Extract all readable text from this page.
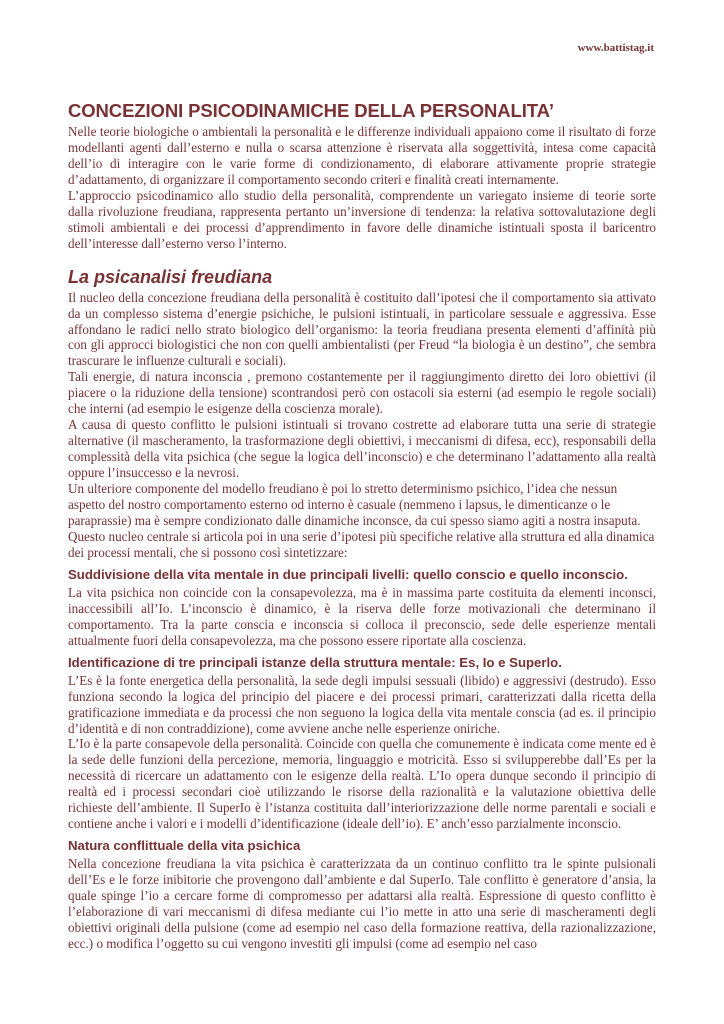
www.battistag.it
CONCEZIONI PSICODINAMICHE DELLA PERSONALITA’

Nelle teorie biologiche o ambientali la personalità e le differenze individuali appaiono come il risultato di forze modellanti agenti dall’esterno e nulla o scarsa attenzione è riservata alla soggettività, intesa come capacità dell’io di interagire con le varie forme di condizionamento, di elaborare attivamente proprie strategie d’adattamento, di organizzare il comportamento secondo criteri e finalità creati internamente.

L’approccio psicodinamico allo studio della personalità, comprendente un variegato insieme di teorie sorte dalla rivoluzione freudiana, rappresenta pertanto un’inversione di tendenza: la relativa sottovalutazione degli stimoli ambientali e dei processi d’apprendimento in favore delle dinamiche istintuali sposta il baricentro dell’interesse dall’esterno verso l’interno.

La psicanalisi freudiana

Il nucleo della concezione freudiana della personalità è costituito dall’ipotesi che il comportamento sia attivato da un complesso sistema d’energie psichiche, le pulsioni istintuali, in particolare sessuale e aggressiva. Esse affondano le radici nello strato biologico dell’organismo: la teoria freudiana presenta elementi d’affinità più con gli approcci biologistici che non con quelli ambientalisti (per Freud “la biologia è un destino”, che sembra trascurare le influenze culturali e sociali).

Tali energie, di natura inconscia , premono costantemente per il raggiungimento diretto dei loro obiettivi (il piacere o la riduzione della tensione) scontrandosi però con ostacoli sia esterni (ad esempio le regole sociali) che interni (ad esempio le esigenze della coscienza morale).

A causa di questo conflitto le pulsioni istintuali si trovano costrette ad elaborare tutta una serie di strategie alternative (il mascheramento, la trasformazione degli obiettivi, i meccanismi di difesa, ecc), responsabili della complessità della vita psichica (che segue la logica dell’inconscio) e che determinano l’adattamento alla realtà oppure l’insuccesso e la nevrosi.

Un ulteriore componente del modello freudiano è poi lo stretto determinismo psichico, l’idea che nessun aspetto del nostro comportamento esterno od interno è casuale (nemmeno i lapsus, le dimenticanze o le paraprassie) ma è sempre condizionato dalle dinamiche inconsce, da cui spesso siamo agiti a nostra insaputa.

Questo nucleo centrale si articola poi in una serie d’ipotesi più specifiche relative alla struttura ed alla dinamica dei processi mentali, che si possono così sintetizzare:

Suddivisione della vita mentale in due principali livelli: quello conscio e quello inconscio.

La vita psichica non coincide con la consapevolezza, ma è in massima parte costituita da elementi inconsci, inaccessibili all’Io. L’inconscio è dinamico, è la riserva delle forze motivazionali che determinano il comportamento. Tra la parte conscia e inconscia si colloca il preconscio, sede delle esperienze mentali attualmente fuori della consapevolezza, ma che possono essere riportate alla coscienza.

Identificazione di tre principali istanze della struttura mentale: Es, Io e Superlo.

L’Es è la fonte energetica della personalità, la sede degli impulsi sessuali (libido) e aggressivi (destrudo). Esso funziona secondo la logica del principio del piacere e dei processi primari, caratterizzati dalla ricetta della gratificazione immediata e da processi che non seguono la logica della vita mentale conscia (ad es. il principio d’identità e di non contraddizione), come avviene anche nelle esperienze oniriche.

L’Io è la parte consapevole della personalità. Coincide con quella che comunemente è indicata come mente ed è la sede delle funzioni della percezione, memoria, linguaggio e motricità. Esso si svilupperebbe dall’Es per la necessità di ricercare un adattamento con le esigenze della realtà. L’Io opera dunque secondo il principio di realtà ed i processi secondari cioè utilizzando le risorse della razionalità e la valutazione obiettiva delle richieste dell’ambiente. Il SuperIo è l’istanza costituita dall’interiorizzazione delle norme parentali e sociali e contiene anche i valori e i modelli d’identificazione (ideale dell’io). E’ anch’esso parzialmente inconscio.

Natura conflittuale della vita psichica

Nella concezione freudiana la vita psichica è caratterizzata da un continuo conflitto tra le spinte pulsionali dell’Es e le forze inibitorie che provengono dall’ambiente e dal SuperIo. Tale conflitto è generatore d’ansia, la quale spinge l’io a cercare forme di compromesso per adattarsi alla realtà. Espressione di questo conflitto è l’elaborazione di vari meccanismi di difesa mediante cui l’io mette in atto una serie di mascheramenti degli obiettivi originali della pulsione (come ad esempio nel caso della formazione reattiva, della razionalizzazione, ecc.) o modifica l’oggetto su cui vengono investiti gli impulsi (come ad esempio nel caso
